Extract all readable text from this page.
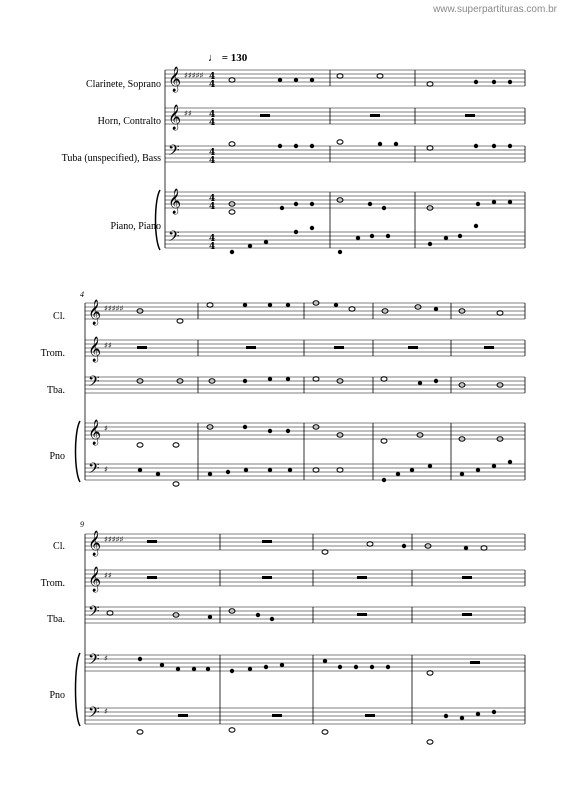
www.superpartituras.com.br
♩ = 130
Clarinete, Soprano
Horn, Contralto
Tuba (unspecified), Bass
Piano, Piano
4
Cl.
Trom.
Tba.
Pno
9
Cl.
Trom.
Tba.
Pno
𝄞
𝄞
𝄢
𝄞
𝄢
♯♯♯♯♯
♯♯
4
4
4
4
4
4
4
4
4
4
𝄞
𝄞
𝄢
𝄞
𝄢
♯♯♯♯♯
♯♯
♯
♯
𝄞
𝄞
𝄢
𝄢
𝄢
♯♯♯♯♯
♯♯
♯
♯
